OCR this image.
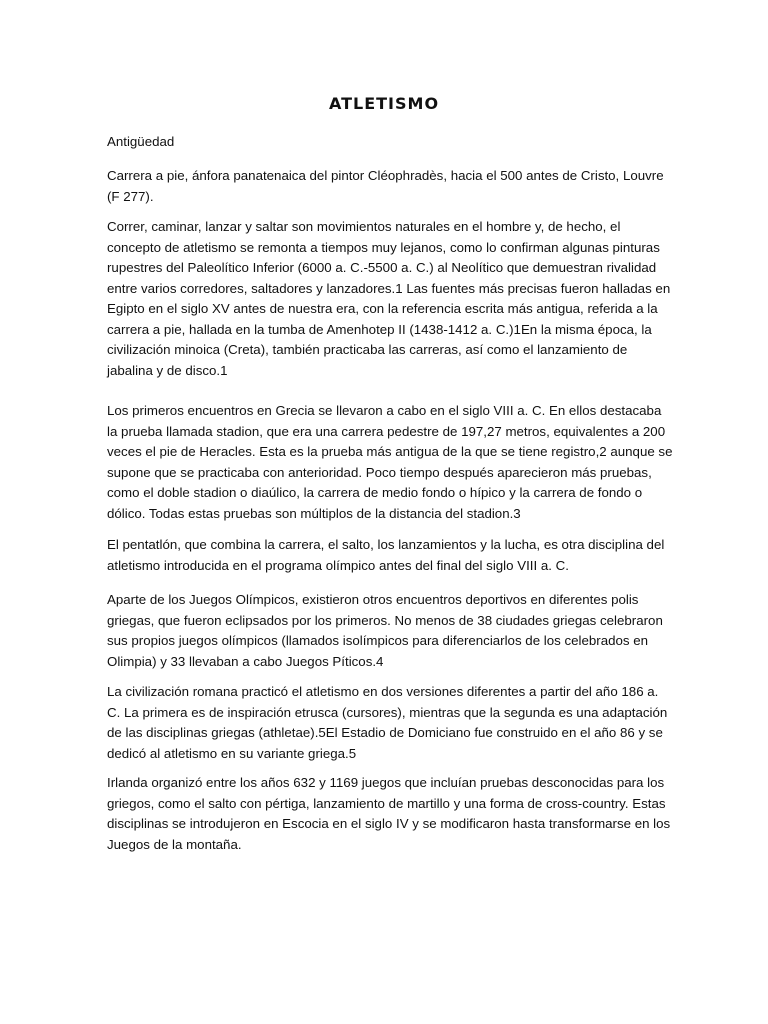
ATLETISMO

Antigüedad

Carrera a pie, ánfora panatenaica del pintor Cléophradès, hacia el 500 antes de Cristo, Louvre (F 277).

Correr, caminar, lanzar y saltar son movimientos naturales en el hombre y, de hecho, el concepto de atletismo se remonta a tiempos muy lejanos, como lo confirman algunas pinturas rupestres del Paleolítico Inferior (6000 a. C.-5500 a. C.) al Neolítico que demuestran rivalidad entre varios corredores, saltadores y lanzadores.1 Las fuentes más precisas fueron halladas en Egipto en el siglo XV antes de nuestra era, con la referencia escrita más antigua, referida a la carrera a pie, hallada en la tumba de Amenhotep II (1438-1412 a. C.)1En la misma época, la civilización minoica (Creta), también practicaba las carreras, así como el lanzamiento de jabalina y de disco.1

Los primeros encuentros en Grecia se llevaron a cabo en el siglo VIII a. C. En ellos destacaba la prueba llamada stadion, que era una carrera pedestre de 197,27 metros, equivalentes a 200 veces el pie de Heracles. Esta es la prueba más antigua de la que se tiene registro,2 aunque se supone que se practicaba con anterioridad. Poco tiempo después aparecieron más pruebas, como el doble stadion o diaúlico, la carrera de medio fondo o hípico y la carrera de fondo o dólico. Todas estas pruebas son múltiplos de la distancia del stadion.3

El pentatlón, que combina la carrera, el salto, los lanzamientos y la lucha, es otra disciplina del atletismo introducida en el programa olímpico antes del final del siglo VIII a. C.

Aparte de los Juegos Olímpicos, existieron otros encuentros deportivos en diferentes polis griegas, que fueron eclipsados por los primeros. No menos de 38 ciudades griegas celebraron sus propios juegos olímpicos (llamados isolímpicos para diferenciarlos de los celebrados en Olimpia) y 33 llevaban a cabo Juegos Píticos.4

La civilización romana practicó el atletismo en dos versiones diferentes a partir del año 186 a. C. La primera es de inspiración etrusca (cursores), mientras que la segunda es una adaptación de las disciplinas griegas (athletae).5El Estadio de Domiciano fue construido en el año 86 y se dedicó al atletismo en su variante griega.5

Irlanda organizó entre los años 632 y 1169 juegos que incluían pruebas desconocidas para los griegos, como el salto con pértiga, lanzamiento de martillo y una forma de cross-country. Estas disciplinas se introdujeron en Escocia en el siglo IV y se modificaron hasta transformarse en los Juegos de la montaña.
